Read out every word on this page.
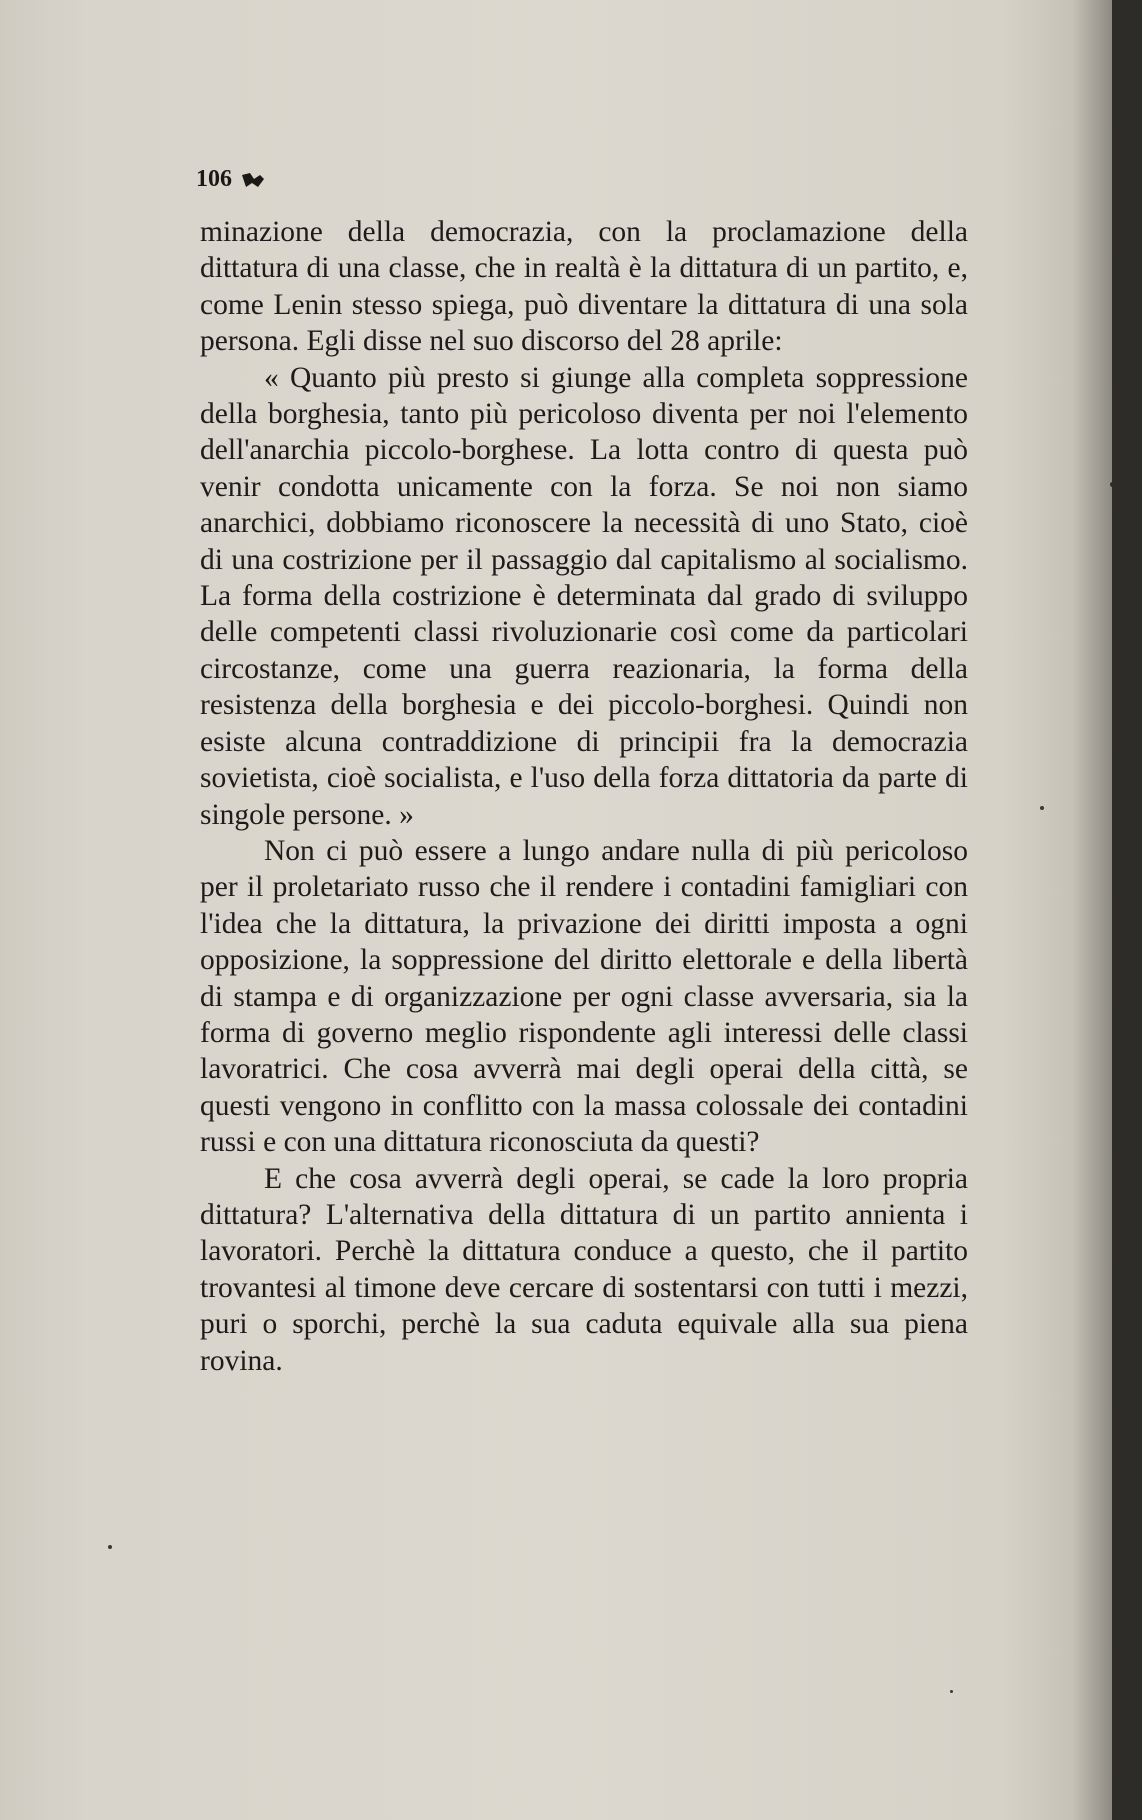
106

minazione della democrazia, con la proclamazione della dittatura di una classe, che in realtà è la dittatura di un partito, e, come Lenin stesso spiega, può diventare la dittatura di una sola persona. Egli disse nel suo discorso del 28 aprile:

« Quanto più presto si giunge alla completa soppressione della borghesia, tanto più pericoloso diventa per noi l'elemento dell'anarchia piccolo-borghese. La lotta contro di questa può venir condotta unicamente con la forza. Se noi non siamo anarchici, dobbiamo riconoscere la necessità di uno Stato, cioè di una costrizione per il passaggio dal capitalismo al socialismo. La forma della costrizione è determinata dal grado di sviluppo delle competenti classi rivoluzionarie così come da particolari circostanze, come una guerra reazionaria, la forma della resistenza della borghesia e dei piccolo-borghesi. Quindi non esiste alcuna contraddizione di principii fra la democrazia sovietista, cioè socialista, e l'uso della forza dittatoria da parte di singole persone. »

Non ci può essere a lungo andare nulla di più pericoloso per il proletariato russo che il rendere i contadini famigliari con l'idea che la dittatura, la privazione dei diritti imposta a ogni opposizione, la soppressione del diritto elettorale e della libertà di stampa e di organizzazione per ogni classe avversaria, sia la forma di governo meglio rispondente agli interessi delle classi lavoratrici. Che cosa avverrà mai degli operai della città, se questi vengono in conflitto con la massa colossale dei contadini russi e con una dittatura riconosciuta da questi?

E che cosa avverrà degli operai, se cade la loro propria dittatura? L'alternativa della dittatura di un partito annienta i lavoratori. Perchè la dittatura conduce a questo, che il partito trovantesi al timone deve cercare di sostentarsi con tutti i mezzi, puri o sporchi, perchè la sua caduta equivale alla sua piena rovina.
